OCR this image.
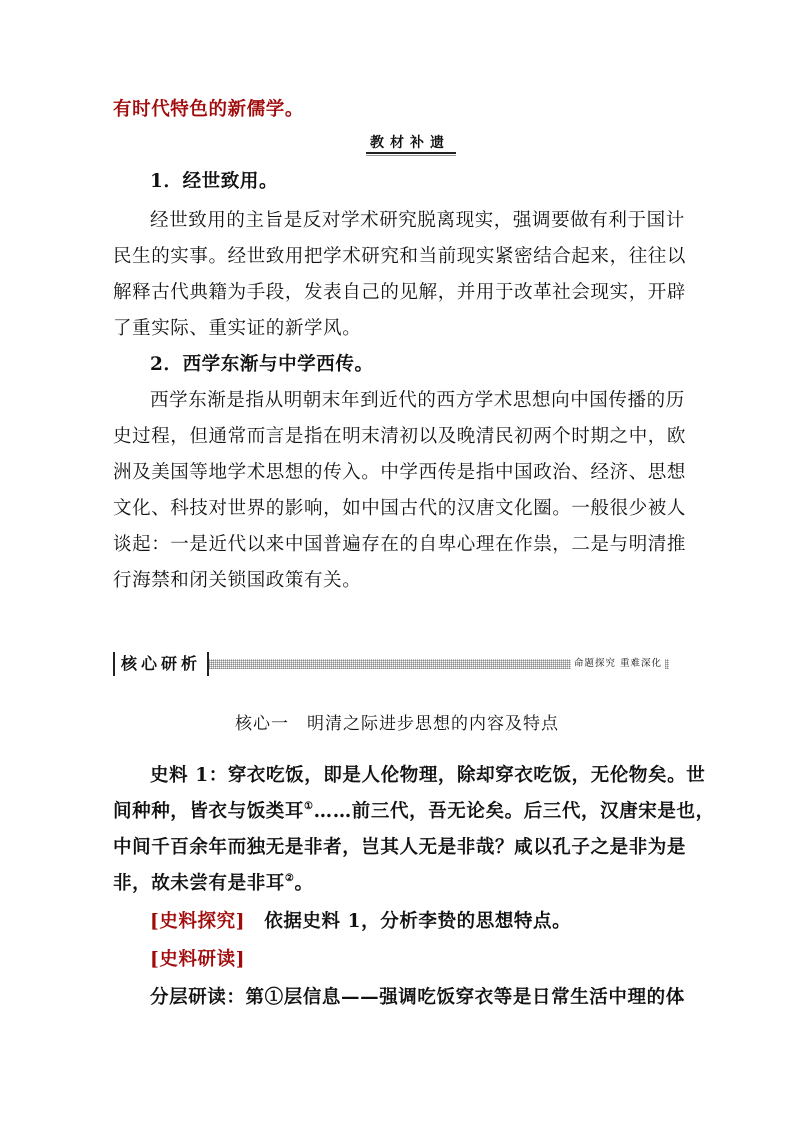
有时代特色的新儒学。
教材补遗
1．经世致用。
经世致用的主旨是反对学术研究脱离现实，强调要做有利于国计
民生的实事。经世致用把学术研究和当前现实紧密结合起来，往往以
解释古代典籍为手段，发表自己的见解，并用于改革社会现实，开辟
了重实际、重实证的新学风。
2．西学东渐与中学西传。
西学东渐是指从明朝末年到近代的西方学术思想向中国传播的历
史过程，但通常而言是指在明末清初以及晚清民初两个时期之中，欧
洲及美国等地学术思想的传入。中学西传是指中国政治、经济、思想
文化、科技对世界的影响，如中国古代的汉唐文化圈。一般很少被人
谈起：一是近代以来中国普遍存在的自卑心理在作祟，二是与明清推
行海禁和闭关锁国政策有关。
核心研析	命题探究 重难深化
核心一　明清之际进步思想的内容及特点
史料 1：穿衣吃饭，即是人伦物理，除却穿衣吃饭，无伦物矣。世
间种种，皆衣与饭类耳①……前三代，吾无论矣。后三代，汉唐宋是也，
中间千百余年而独无是非者，岂其人无是非哉？咸以孔子之是非为是
非，故未尝有是非耳②。
[史料探究]　 依据史料 1，分析李贽的思想特点。
[史料研读]
分层研读：第①层信息——强调吃饭穿衣等是日常生活中理的体
